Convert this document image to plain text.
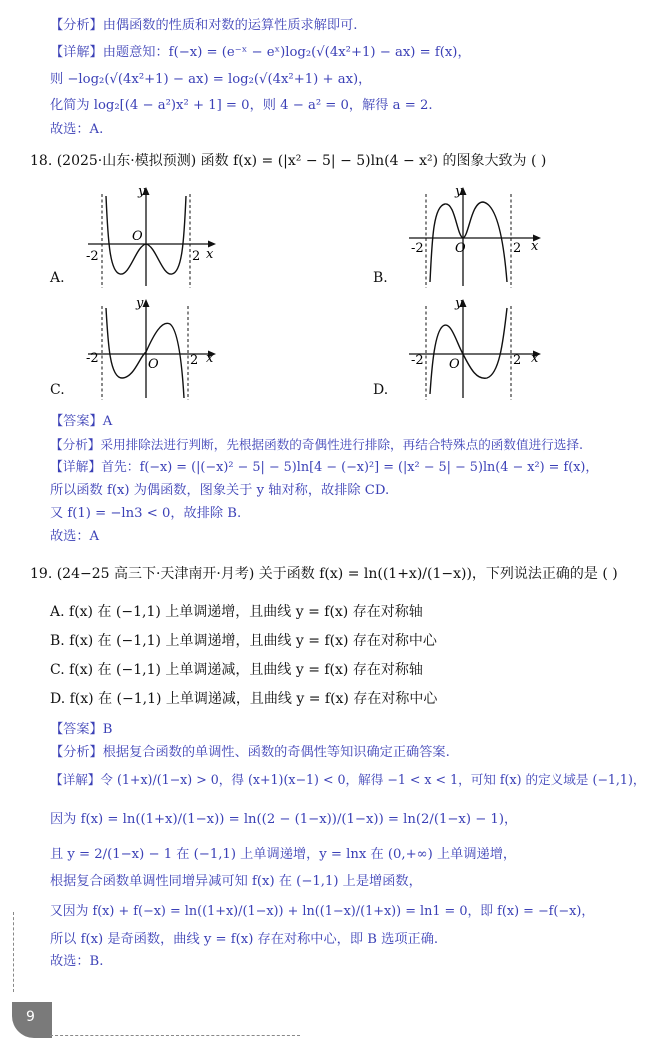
【分析】由偶函数的性质和对数的运算性质求解即可.
【详解】由题意知：f(−x) = (e⁻ˣ − eˣ)log₂(√(4x²+1) − ax) = f(x)，
则 −log₂(√(4x²+1) − ax) = log₂(√(4x²+1) + ax)，
化简为 log₂[(4 − a²)x² + 1] = 0，则 4 − a² = 0，解得 a = 2.
故选：A.
18. (2025·山东·模拟预测) 函数 f(x) = (|x² − 5| − 5)ln(4 − x²) 的图象大致为 ( )
A.
y
O
-2	2 x
B.
y
O
-2	2 x
C.
y
O
-2	2 x
D.
y
O
-2	2 x
【答案】A
【分析】采用排除法进行判断，先根据函数的奇偶性进行排除，再结合特殊点的函数值进行选择.
【详解】首先：f(−x) = (|(−x)² − 5| − 5)ln[4 − (−x)²] = (|x² − 5| − 5)ln(4 − x²) = f(x)，
所以函数 f(x) 为偶函数，图象关于 y 轴对称，故排除 CD.
又 f(1) = −ln3 < 0，故排除 B.
故选：A
19. (24−25 高三下·天津南开·月考) 关于函数 f(x) = ln((1+x)/(1−x))，下列说法正确的是 ( )
A. f(x) 在 (−1,1) 上单调递增，且曲线 y = f(x) 存在对称轴
B. f(x) 在 (−1,1) 上单调递增，且曲线 y = f(x) 存在对称中心
C. f(x) 在 (−1,1) 上单调递减，且曲线 y = f(x) 存在对称轴
D. f(x) 在 (−1,1) 上单调递减，且曲线 y = f(x) 存在对称中心
【答案】B
【分析】根据复合函数的单调性、函数的奇偶性等知识确定正确答案.
【详解】令 (1+x)/(1−x) > 0，得 (x+1)(x−1) < 0，解得 −1 < x < 1，可知 f(x) 的定义域是 (−1,1)，
因为 f(x) = ln((1+x)/(1−x)) = ln((2 − (1−x))/(1−x)) = ln(2/(1−x) − 1)，
且 y = 2/(1−x) − 1 在 (−1,1) 上单调递增，y = lnx 在 (0,+∞) 上单调递增，
根据复合函数单调性同增异减可知 f(x) 在 (−1,1) 上是增函数，
又因为 f(x) + f(−x) = ln((1+x)/(1−x)) + ln((1−x)/(1+x)) = ln1 = 0，即 f(x) = −f(−x)，
所以 f(x) 是奇函数，曲线 y = f(x) 存在对称中心，即 B 选项正确.
故选：B.
9
